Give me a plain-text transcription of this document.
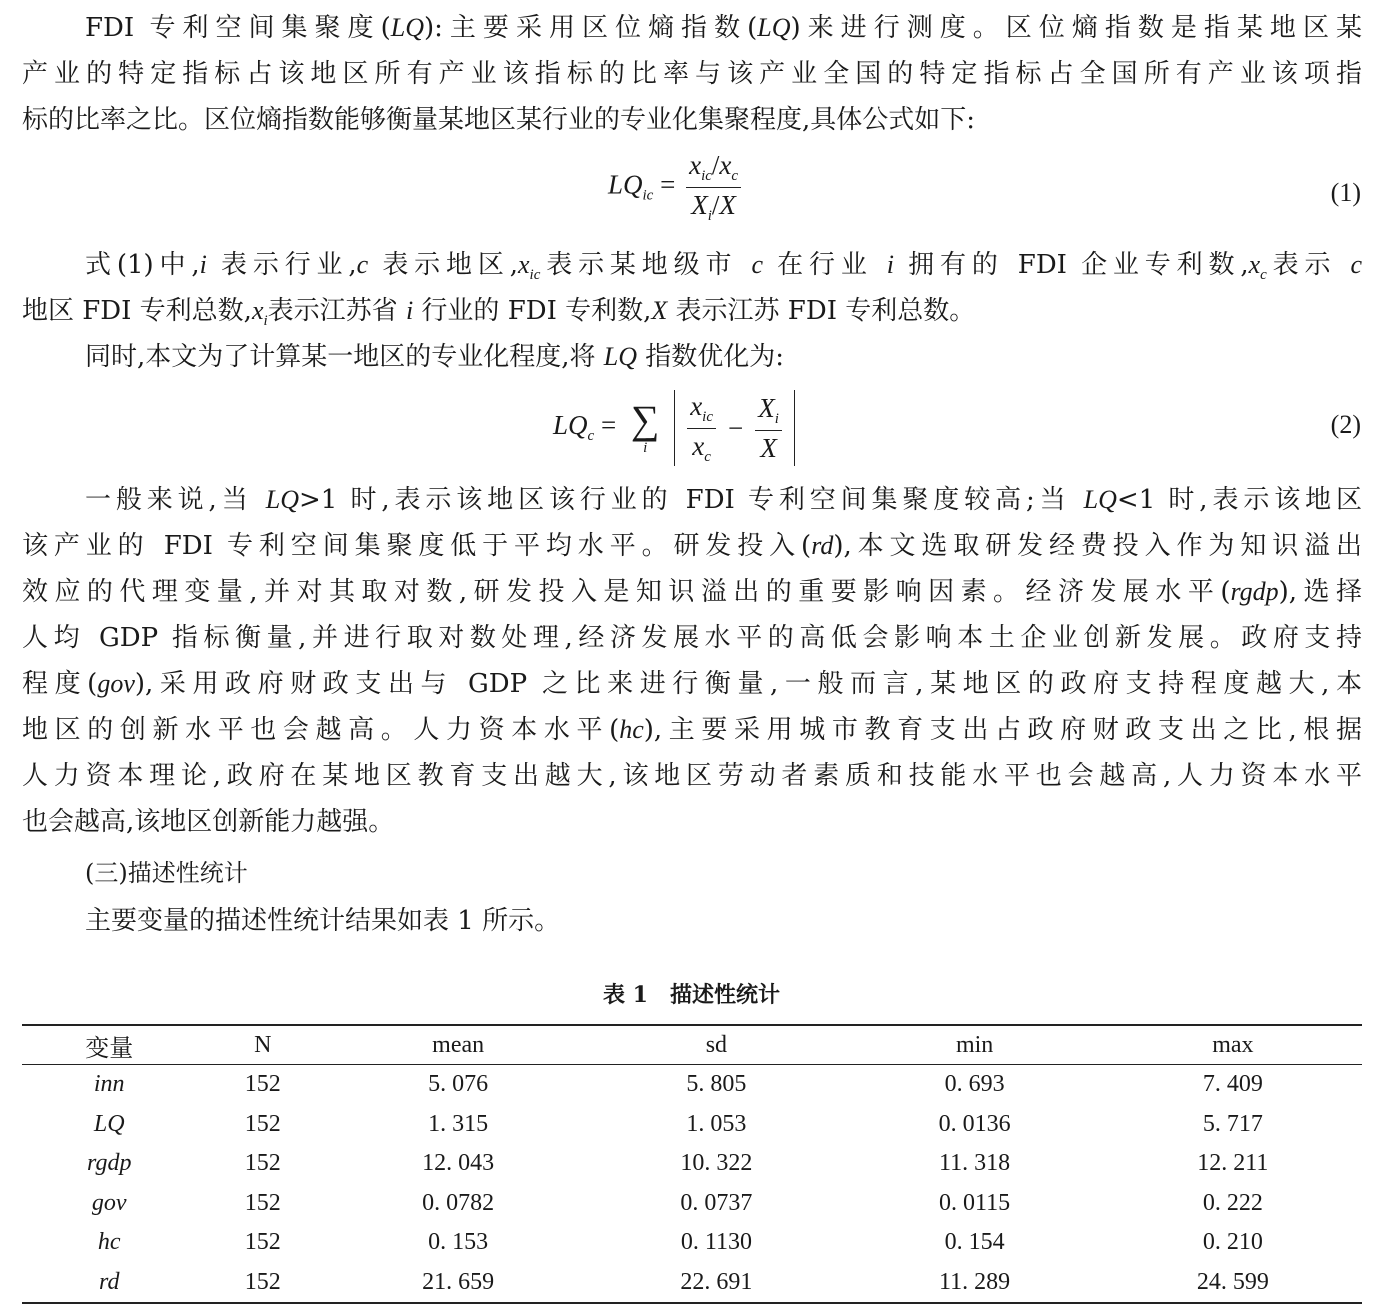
FDI 专利空间集聚度(LQ):主要采用区位熵指数(LQ)来进行测度。区位熵指数是指某地区某
产业的特定指标占该地区所有产业该指标的比率与该产业全国的特定指标占全国所有产业该项指
标的比率之比。区位熵指数能够衡量某地区某行业的专业化集聚程度,具体公式如下:
$LQ_{ic} = \frac{x_{ic}/x_c}{X_i/X}$	(1)
式(1)中,i 表示行业,c 表示地区$,x_{ic}$表示某地级市 c 在行业 i 拥有的 FDI 企业专利数$,x_c$表示 c
地区 FDI 专利总数$,x_i$表示江苏省 i 行业的 FDI 专利数,X 表示江苏 FDI 专利总数。
同时,本文为了计算某一地区的专业化程度,将 LQ 指数优化为:
$LQ_c$ = ∑
i
$\frac{x_{ic}}{x_c} - \frac{X_i}{X}$	(2)
一般来说,当 LQ>1 时,表示该地区该行业的 FDI 专利空间集聚度较高;当 LQ<1 时,表示该地区
该产业的 FDI 专利空间集聚度低于平均水平。研发投入(rd),本文选取研发经费投入作为知识溢出
效应的代理变量,并对其取对数,研发投入是知识溢出的重要影响因素。经济发展水平(rgdp),选择
人均 GDP 指标衡量,并进行取对数处理,经济发展水平的高低会影响本土企业创新发展。政府支持
程度(gov),采用政府财政支出与 GDP 之比来进行衡量,一般而言,某地区的政府支持程度越大,本
地区的创新水平也会越高。人力资本水平(hc),主要采用城市教育支出占政府财政支出之比,根据
人力资本理论,政府在某地区教育支出越大,该地区劳动者素质和技能水平也会越高,人力资本水平
也会越高,该地区创新能力越强。
(三)描述性统计
主要变量的描述性统计结果如表 1 所示。
表 1　描述性统计
变量	N	mean	sd	min	max
inn	152	5. 076	5. 805	0. 693	7. 409
LQ	152	1. 315	1. 053	0. 0136	5. 717
rgdp	152	12. 043	10. 322	11. 318	12. 211
gov	152	0. 0782	0. 0737	0. 0115	0. 222
hc	152	0. 153	0. 1130	0. 154	0. 210
rd	152	21. 659	22. 691	11. 289	24. 599
